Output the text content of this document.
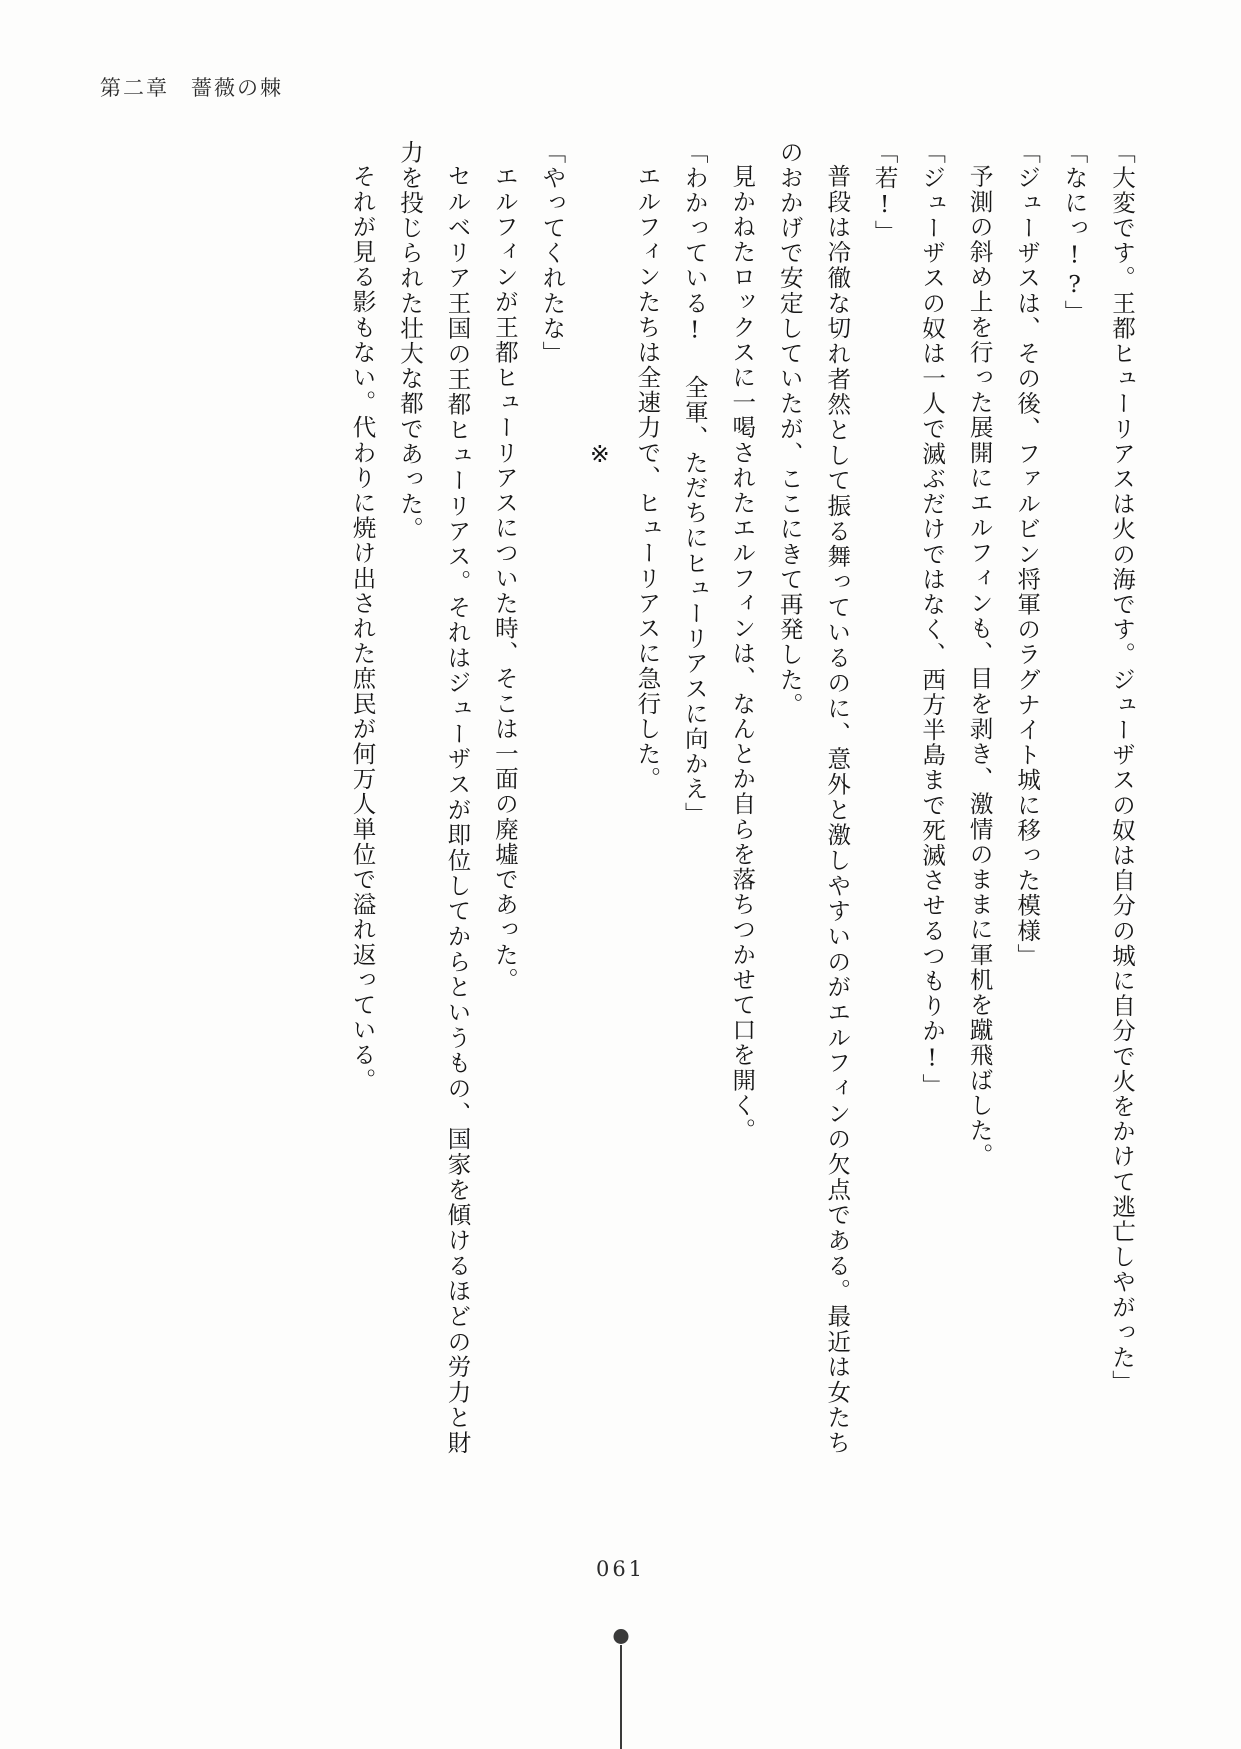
第二章 薔薇の棘

「大変です。王都ヒューリアスは火の海です。ジューザスの奴は自分の城に自分で火をかけて逃亡しやがった」

「なにっ!?」

「ジューザスは、その後、ファルビン将軍のラグナイト城に移った模様」

予測の斜め上を行った展開にエルフィンも、目を剥き、激情のままに軍机を蹴飛ばした。

「ジューザスの奴は一人で滅ぶだけではなく、西方半島まで死滅させるつもりか!」

「若!」

普段は冷徹な切れ者然として振る舞っているのに、意外と激しやすいのがエルフィンの欠点である。最近は女たちのおかげで安定していたが、ここにきて再発した。

見かねたロックスに一喝されたエルフィンは、なんとか自らを落ちつかせて口を開く。

「わかっている! 全軍、ただちにヒューリアスに向かえ」

エルフィンたちは全速力で、ヒューリアスに急行した。

※

「やってくれたな」

エルフィンが王都ヒューリアスについた時、そこは一面の廃墟であった。

セルベリア王国の王都ヒューリアス。それはジューザスが即位してからというもの、国家を傾けるほどの労力と財力を投じられた壮大な都であった。

それが見る影もない。代わりに焼け出された庶民が何万人単位で溢れ返っている。

061
